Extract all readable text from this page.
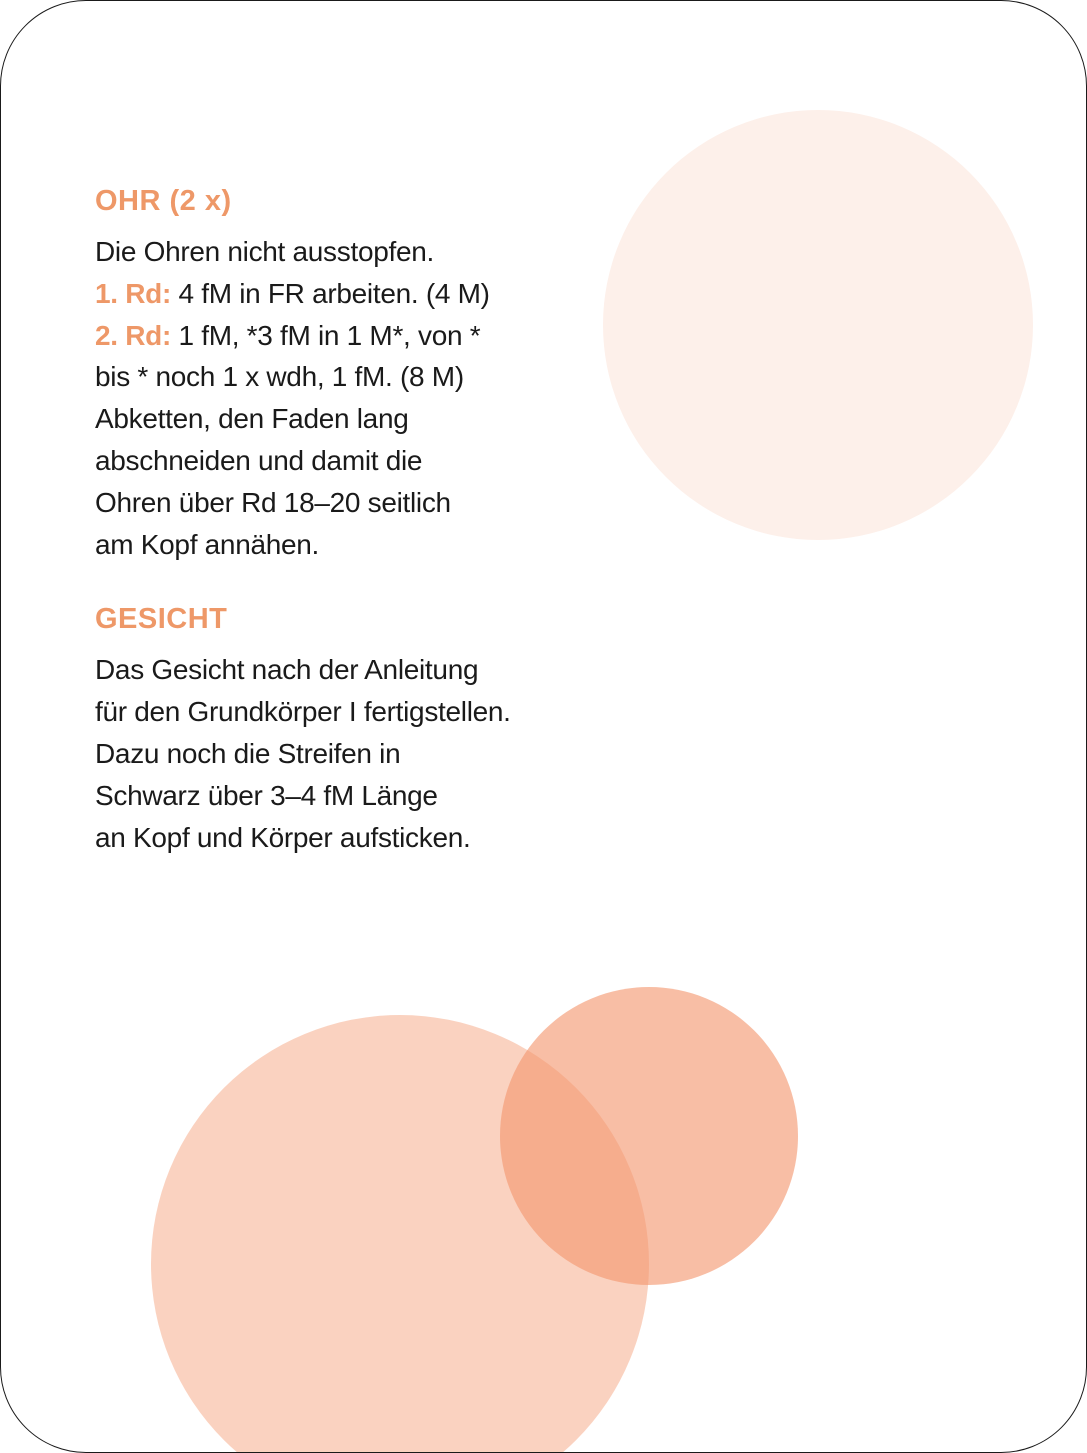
OHR (2 x)

Die Ohren nicht ausstopfen.

1. Rd: 4 fM in FR arbeiten. (4 M)

2. Rd: 1 fM, *3 fM in 1 M*, von *

bis * noch 1 x wdh, 1 fM. (8 M)

Abketten, den Faden lang

abschneiden und damit die

Ohren über Rd 18–20 seitlich

am Kopf annähen.

GESICHT

Das Gesicht nach der Anleitung

für den Grundkörper I fertigstellen.

Dazu noch die Streifen in

Schwarz über 3–4 fM Länge

an Kopf und Körper aufsticken.
